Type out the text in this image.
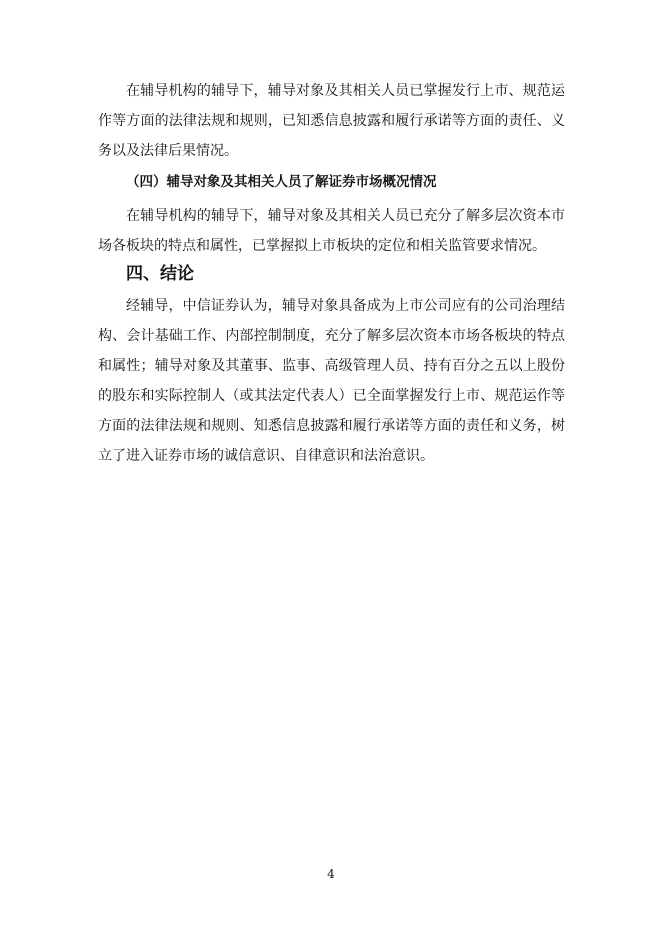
在辅导机构的辅导下，辅导对象及其相关人员已掌握发行上市、规范运作等方面的法律法规和规则，已知悉信息披露和履行承诺等方面的责任、义务以及法律后果情况。

（四）辅导对象及其相关人员了解证券市场概况情况

在辅导机构的辅导下，辅导对象及其相关人员已充分了解多层次资本市场各板块的特点和属性，已掌握拟上市板块的定位和相关监管要求情况。

四、结论

经辅导，中信证券认为，辅导对象具备成为上市公司应有的公司治理结构、会计基础工作、内部控制制度，充分了解多层次资本市场各板块的特点和属性；辅导对象及其董事、监事、高级管理人员、持有百分之五以上股份的股东和实际控制人（或其法定代表人）已全面掌握发行上市、规范运作等方面的法律法规和规则、知悉信息披露和履行承诺等方面的责任和义务，树立了进入证券市场的诚信意识、自律意识和法治意识。

4
